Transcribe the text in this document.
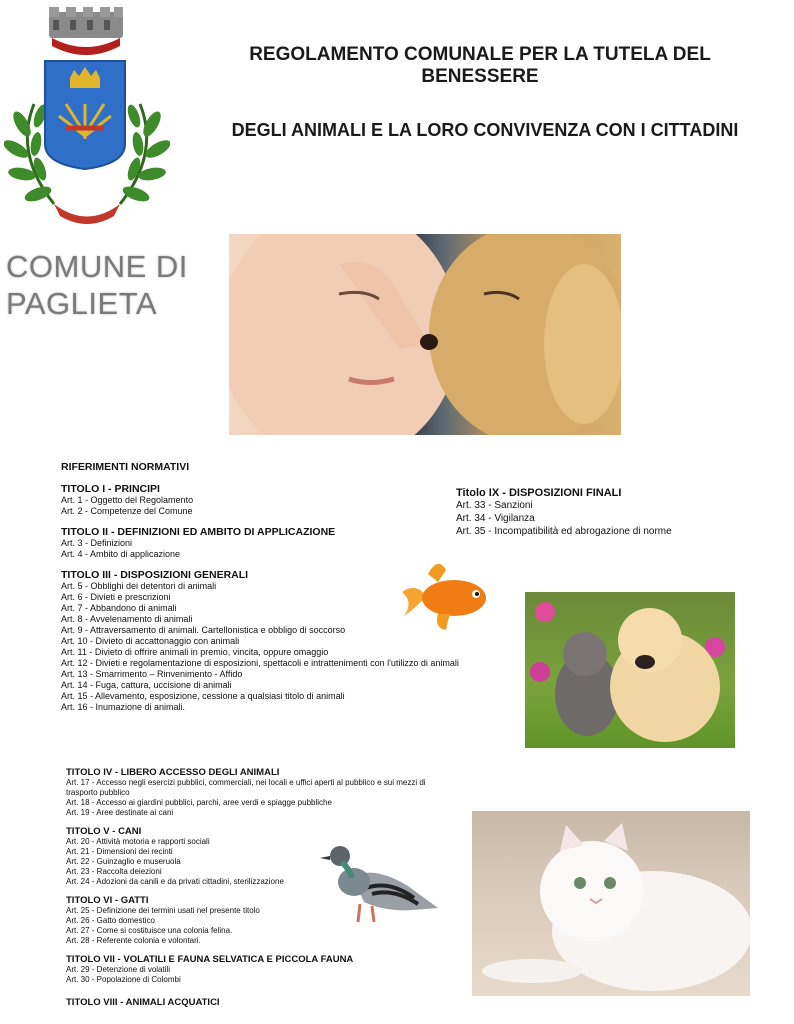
REGOLAMENTO COMUNALE PER LA TUTELA DEL
BENESSERE
DEGLI ANIMALI E LA LORO CONVIVENZA CON I CITTADINI
COMUNE DI
PAGLIETA
RIFERIMENTI NORMATIVI
TITOLO I - PRINCIPI
Art. 1 - Oggetto del Regolamento
Art. 2 - Competenze del Comune
TITOLO II - DEFINIZIONI ED AMBITO DI APPLICAZIONE
Art. 3 - Definizioni
Art. 4 - Ambito di applicazione
TITOLO III - DISPOSIZIONI GENERALI
Art. 5 - Obblighi dei detentori di animali
Art. 6 - Divieti e prescrizioni
Art. 7 - Abbandono di animali
Art. 8 - Avvelenamento di animali
Art. 9 - Attraversamento di animali. Cartellonistica e obbligo di soccorso
Art. 10 - Divieto di accattonaggio con animali
Art. 11 - Divieto di offrire animali in premio, vincita, oppure omaggio
Art. 12 - Divieti e regolamentazione di esposizioni, spettacoli e intrattenimenti con l'utilizzo di animali
Art. 13 - Smarrimento – Rinvenimento - Affido
Art. 14 - Fuga, cattura, uccisione di animali
Art. 15 - Allevamento, esposizione, cessione a qualsiasi titolo di animali
Art. 16 - Inumazione di animali.
Titolo IX - DISPOSIZIONI FINALI
Art. 33 - Sanzioni
Art. 34 - Vigilanza
Art. 35 - Incompatibilità ed abrogazione di norme
TITOLO IV - LIBERO ACCESSO DEGLI ANIMALI
Art. 17 - Accesso negli esercizi pubblici, commerciali, nei locali e uffici aperti al pubblico e sui mezzi di trasporto pubblico
Art. 18 - Accesso ai giardini pubblici, parchi, aree verdi e spiagge pubbliche
Art. 19 - Aree destinate ai cani
TITOLO V - CANI
Art. 20 - Attività motoria e rapporti sociali
Art. 21 - Dimensioni dei recinti
Art. 22 - Guinzaglio e museruola
Art. 23 - Raccolta deiezioni
Art. 24 - Adozioni da canili e da privati cittadini, sterilizzazione
TITOLO VI - GATTI
Art. 25 - Definizione dei termini usati nel presente titolo
Art. 26 - Gatto domestico
Art. 27 - Come si costituisce una colonia felina.
Art. 28 - Referente colonia e volontari.
TITOLO VII - VOLATILI E FAUNA SELVATICA E PICCOLA FAUNA
Art. 29 - Detenzione di volatili
Art. 30 - Popolazione di Colombi
TITOLO VIII - ANIMALI ACQUATICI
